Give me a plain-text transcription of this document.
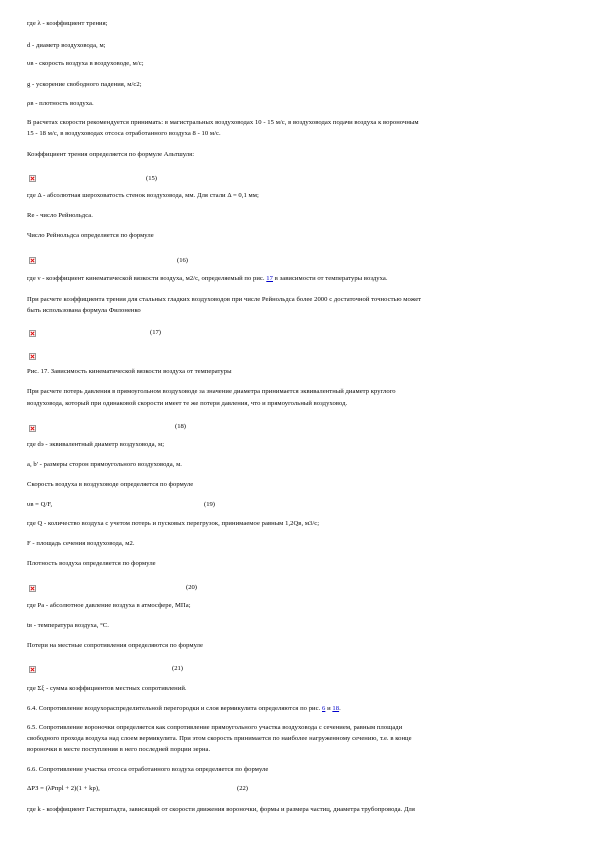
где λ - коэффициент трения;
d - диаметр воздуховода, м;
υв - скорость воздуха в воздуховоде, м/с;
g - ускорение свободного падения, м/с2;
ρв - плотность воздуха.
В расчетах скорости рекомендуется принимать: в магистральных воздуховодах 10 - 15 м/с, в воздуховодах подачи воздуха к вороночным
15 - 18 м/с, в воздуховодах отсоса отработанного воздуха 8 - 10 м/с.
Коэффициент трения определяется по формуле Альтшуля:
(15)
где Δ - абсолютная шероховатость стенок воздуховода, мм. Для стали Δ = 0,1 мм;
Rе - число Рейнольдса.
Число Рейнольдса определяется по формуле
(16)
где ν - коэффициент кинематической вязкости воздуха, м2/с, определяемый по рис. 17 в зависимости от температуры воздуха.
При расчете коэффициента трения для стальных гладких воздуховодов при числе Рейнольдса более 2000 с достаточной точностью может
быть использована формула Филоненко
(17)
Рис. 17. Зависимость кинематической вязкости воздуха от температуры
При расчете потерь давления в прямоугольном воздуховоде за значение диаметра принимается эквивалентный диаметр круглого
воздуховода, который при одинаковой скорости имеет те же потери давления, что и прямоугольный воздуховод.
(18)
где dэ - эквивалентный диаметр воздуховода, м;
a, b' - размеры сторон прямоугольного воздуховода, м.
Скорость воздуха в воздуховоде определяется по формуле
υв = Q/F,	(19)
где Q - количество воздуха с учетом потерь и пусковых перегрузок, принимаемое равным 1,2Qв, м3/с;
F - площадь сечения воздуховода, м2.
Плотность воздуха определяется по формуле
(20)
где Ра - абсолютное давление воздуха в атмосфере, МПа;
tв - температура воздуха, °С.
Потери на местные сопротивления определяются по формуле
(21)
где Σξ - сумма коэффициентов местных сопротивлений.
6.4. Сопротивление воздухораспределительной перегородки и слоя вермикулита определяются по рис. 6 и 18.
6.5. Сопротивление вороночки определяется как сопротивление прямоугольного участка воздуховода с сечением, равным площади
свободного прохода воздуха над слоем вермикулита. При этом скорость принимается по наиболее нагруженному сечению, т.е. в конце
вороночки в месте поступления в него последней порции зерна.
6.6. Сопротивление участка отсоса отработанного воздуха определяется по формуле
ΔРЗ = (λРпрl + 2)(1 + kр),	(22)
где k - коэффициент Гастерштадта, зависящий от скорости движения вороночки, формы и размера частиц, диаметра трубопровода. Для
